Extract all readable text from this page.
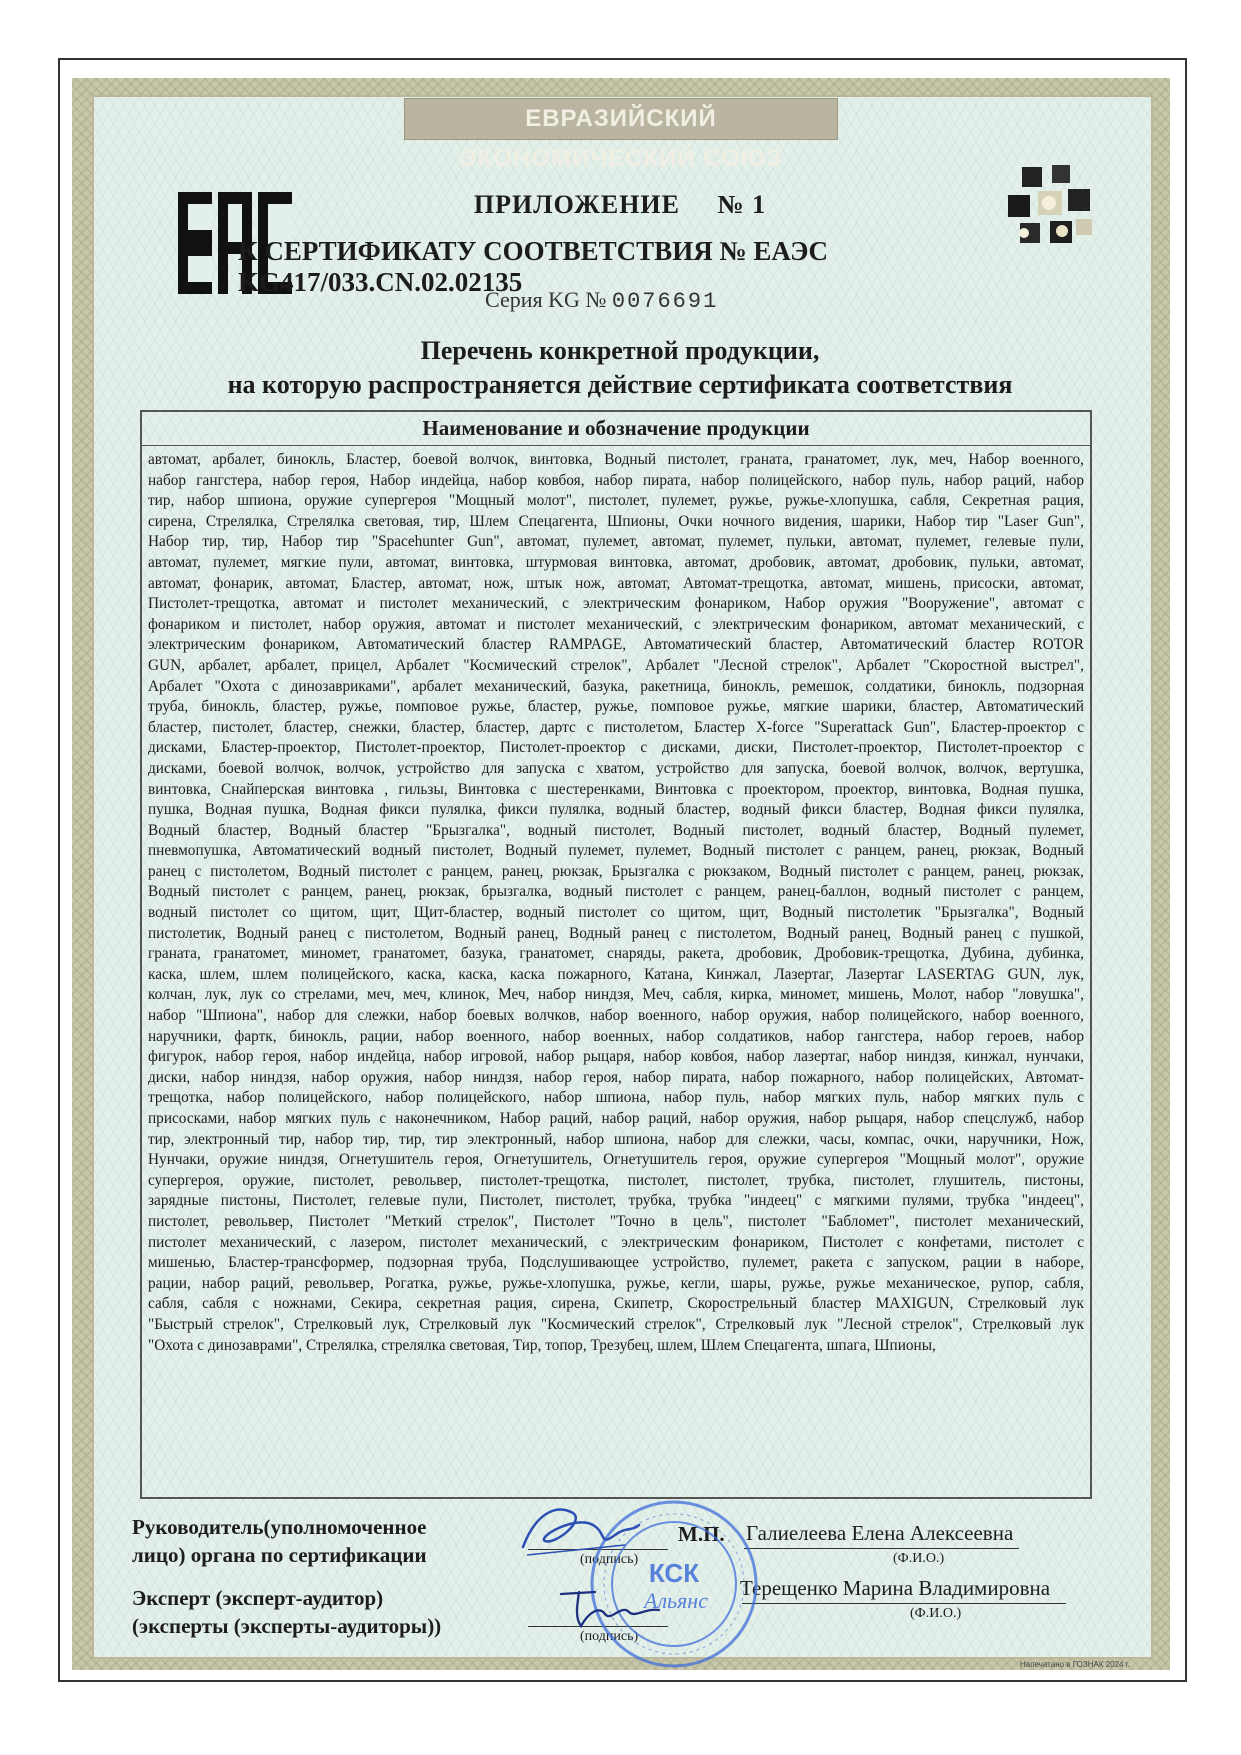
ЕВРАЗИЙСКИЙ ЭКОНОМИЧЕСКИЙ СОЮЗ
ПРИЛОЖЕНИЕ     № 1
К СЕРТИФИКАТУ СООТВЕТСТВИЯ № ЕАЭС KG417/033.CN.02.02135
Серия KG № 0076691
Перечень конкретной продукции,
на которую распространяется действие сертификата соответствия
Наименование и обозначение продукции
автомат, арбалет, бинокль, Бластер, боевой волчок, винтовка, Водный пистолет, граната, гранатомет, лук, меч, Набор военного,
набор гангстера, набор героя, Набор индейца, набор ковбоя, набор пирата, набор полицейского, набор пуль, набор раций, набор
тир, набор шпиона, оружие супергероя "Мощный молот", пистолет, пулемет, ружье, ружье-хлопушка, сабля, Секретная рация,
сирена, Стрелялка, Стрелялка световая, тир, Шлем Спецагента, Шпионы, Очки ночного видения, шарики, Набор тир "Laser Gun",
Набор тир, тир, Набор тир "Spacehunter Gun", автомат, пулемет, автомат, пулемет, пульки, автомат, пулемет, гелевые пули,
автомат, пулемет, мягкие пули, автомат, винтовка, штурмовая винтовка, автомат, дробовик, автомат, дробовик, пульки, автомат,
автомат, фонарик, автомат, Бластер, автомат, нож, штык нож, автомат, Автомат-трещотка, автомат, мишень, присоски, автомат,
Пистолет-трещотка, автомат и пистолет механический, с электрическим фонариком, Набор оружия "Вооружение", автомат с
фонариком и пистолет, набор оружия, автомат и пистолет механический, с электрическим фонариком, автомат механический, с
электрическим фонариком, Автоматический бластер RAMPAGE, Автоматический бластер, Автоматический бластер ROTOR
GUN, арбалет, арбалет, прицел, Арбалет "Космический стрелок", Арбалет "Лесной стрелок", Арбалет "Скоростной выстрел",
Арбалет "Охота с динозавриками", арбалет механический, базука, ракетница, бинокль, ремешок, солдатики, бинокль, подзорная
труба, бинокль, бластер, ружье, помповое ружье, бластер, ружье, помповое ружье, мягкие шарики, бластер, Автоматический
бластер, пистолет, бластер, снежки, бластер, бластер, дартс с пистолетом, Бластер X-force "Superattack Gun", Бластер-проектор с
дисками, Бластер-проектор, Пистолет-проектор, Пистолет-проектор с дисками, диски, Пистолет-проектор, Пистолет-проектор с
дисками, боевой волчок, волчок, устройство для запуска с хватом, устройство для запуска, боевой волчок, волчок, вертушка,
винтовка, Снайперская винтовка , гильзы, Винтовка с шестеренками, Винтовка с проектором, проектор, винтовка, Водная пушка,
пушка, Водная пушка, Водная фикси пулялка, фикси пулялка, водный бластер, водный фикси бластер, Водная фикси пулялка,
Водный бластер, Водный бластер "Брызгалка", водный пистолет, Водный пистолет, водный бластер, Водный пулемет,
пневмопушка, Автоматический водный пистолет, Водный пулемет, пулемет, Водный пистолет с ранцем, ранец, рюкзак, Водный
ранец с пистолетом, Водный пистолет с ранцем, ранец, рюкзак, Брызгалка с рюкзаком, Водный пистолет с ранцем, ранец, рюкзак,
Водный пистолет с ранцем, ранец, рюкзак, брызгалка, водный пистолет с ранцем, ранец-баллон, водный пистолет с ранцем,
водный пистолет со щитом, щит, Щит-бластер, водный пистолет со щитом, щит, Водный пистолетик "Брызгалка", Водный
пистолетик, Водный ранец с пистолетом, Водный ранец, Водный ранец с пистолетом, Водный ранец, Водный ранец с пушкой,
граната, гранатомет, миномет, гранатомет, базука, гранатомет, снаряды, ракета, дробовик, Дробовик-трещотка, Дубина, дубинка,
каска, шлем, шлем полицейского, каска, каска, каска пожарного, Катана, Кинжал, Лазертаг, Лазертаг LASERTAG GUN, лук,
колчан, лук, лук со стрелами, меч, меч, клинок, Меч, набор ниндзя, Меч, сабля, кирка, миномет, мишень, Молот, набор "ловушка",
набор "Шпиона", набор для слежки, набор боевых волчков, набор военного, набор оружия, набор полицейского, набор военного,
наручники, фартк, бинокль, рации, набор военного, набор военных, набор солдатиков, набор гангстера, набор героев, набор
фигурок, набор героя, набор индейца, набор игровой, набор рыцаря, набор ковбоя, набор лазертаг, набор ниндзя, кинжал, нунчаки,
диски, набор ниндзя, набор оружия, набор ниндзя, набор героя, набор пирата, набор пожарного, набор полицейских, Автомат-
трещотка, набор полицейского, набор полицейского, набор шпиона, набор пуль, набор мягких пуль, набор мягких пуль с
присосками, набор мягких пуль с наконечником, Набор раций, набор раций, набор оружия, набор рыцаря, набор спецслужб, набор
тир, электронный тир, набор тир, тир, тир электронный, набор шпиона, набор для слежки, часы, компас, очки, наручники, Нож,
Нунчаки, оружие ниндзя, Огнетушитель героя, Огнетушитель, Огнетушитель героя, оружие супергероя "Мощный молот", оружие
супергероя, оружие, пистолет, револьвер, пистолет-трещотка, пистолет, пистолет, трубка, пистолет, глушитель, пистоны,
зарядные пистоны, Пистолет, гелевые пули, Пистолет, пистолет, трубка, трубка "индеец" с мягкими пулями, трубка "индеец",
пистолет, револьвер, Пистолет "Меткий стрелок", Пистолет "Точно в цель", пистолет "Бабломет", пистолет механический,
пистолет механический, с лазером, пистолет механический, с электрическим фонариком, Пистолет с конфетами, пистолет с
мишенью, Бластер-трансформер, подзорная труба, Подслушивающее устройство, пулемет, ракета с запуском, рации в наборе,
рации, набор раций, револьвер, Рогатка, ружье, ружье-хлопушка, ружье, кегли, шары, ружье, ружье механическое, рупор, сабля,
сабля, сабля с ножнами, Секира, секретная рация, сирена, Скипетр, Скорострельный бластер MAXIGUN, Стрелковый лук
"Быстрый стрелок", Стрелковый лук, Стрелковый лук "Космический стрелок", Стрелковый лук "Лесной стрелок", Стрелковый лук
"Охота с динозаврами", Стрелялка, стрелялка световая, Тир, топор, Трезубец, шлем, Шлем Спецагента, шпага, Шпионы,
Руководитель(уполномоченное лицо) органа по сертификации
Эксперт (эксперт-аудитор) (эксперты (эксперты-аудиторы))
М.П.
(подпись)
Галиелеева Елена Алексеевна
(Ф.И.О.)
(подпись)
Терещенко Марина Владимировна
(Ф.И.О.)
КСК
Альянс
Напечатано в ГОЗНАК 2024 г.
